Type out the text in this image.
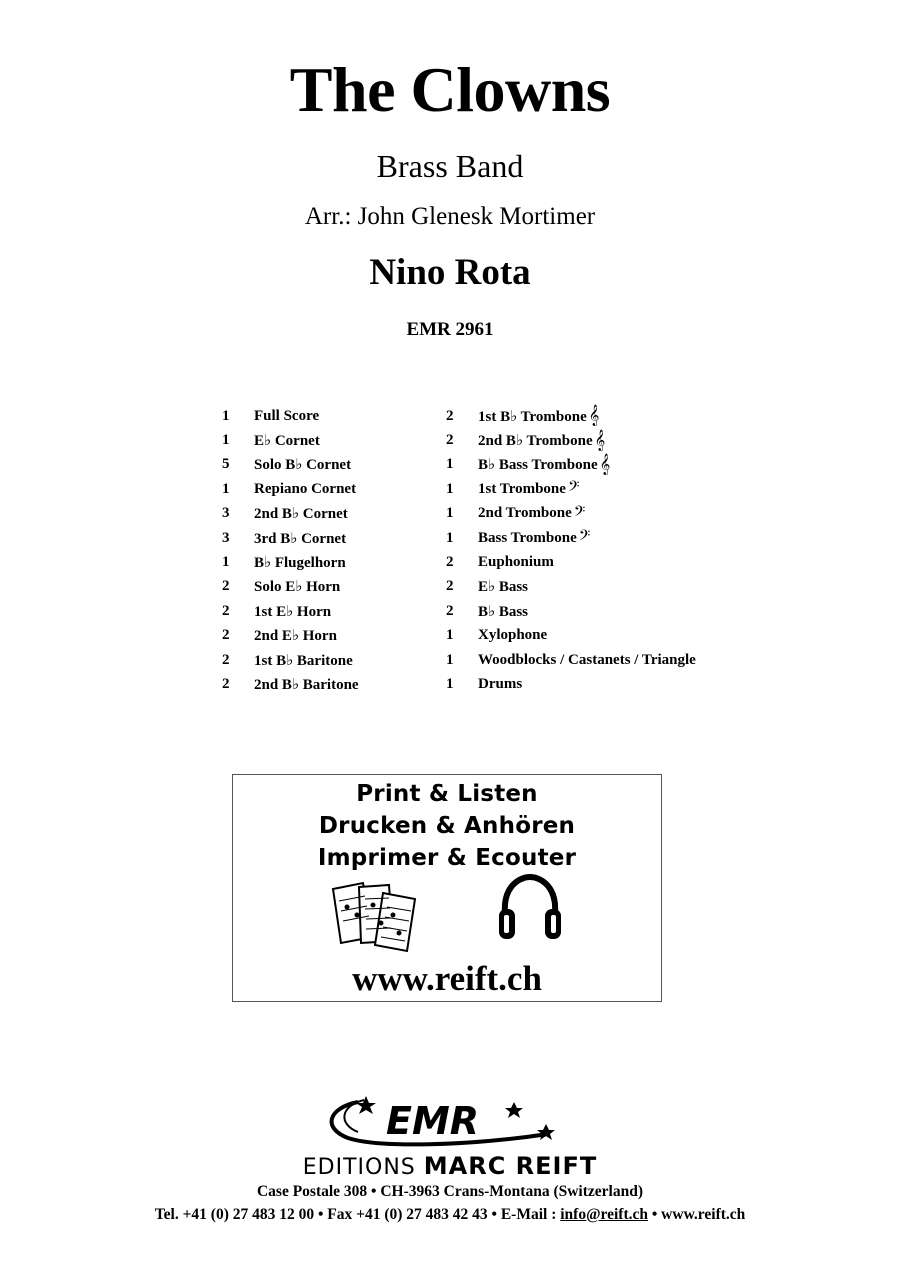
The Clowns
Brass Band
Arr.: John Glenesk Mortimer
Nino Rota
EMR 2961
1	Full Score
1	E♭ Cornet
5	Solo B♭ Cornet
1	Repiano Cornet
3	2nd B♭ Cornet
3	3rd B♭ Cornet
1	B♭ Flugelhorn
2	Solo E♭ Horn
2	1st E♭ Horn
2	2nd E♭ Horn
2	1st B♭ Baritone
2	2nd B♭ Baritone
2	1st B♭ Trombone 𝄞
2	2nd B♭ Trombone 𝄞
1	B♭ Bass Trombone 𝄞
1	1st Trombone 𝄢
1	2nd Trombone 𝄢
1	Bass Trombone 𝄢
2	Euphonium
2	E♭ Bass
2	B♭ Bass
1	Xylophone
1	Woodblocks / Castanets / Triangle
1	Drums
Print & Listen
Drucken & Anhören
Imprimer & Ecouter
www.reift.ch
EMR
EDITIONS MARC REIFT
Case Postale 308 • CH-3963 Crans-Montana (Switzerland)
Tel. +41 (0) 27 483 12 00 • Fax +41 (0) 27 483 42 43 • E-Mail : info@reift.ch • www.reift.ch
